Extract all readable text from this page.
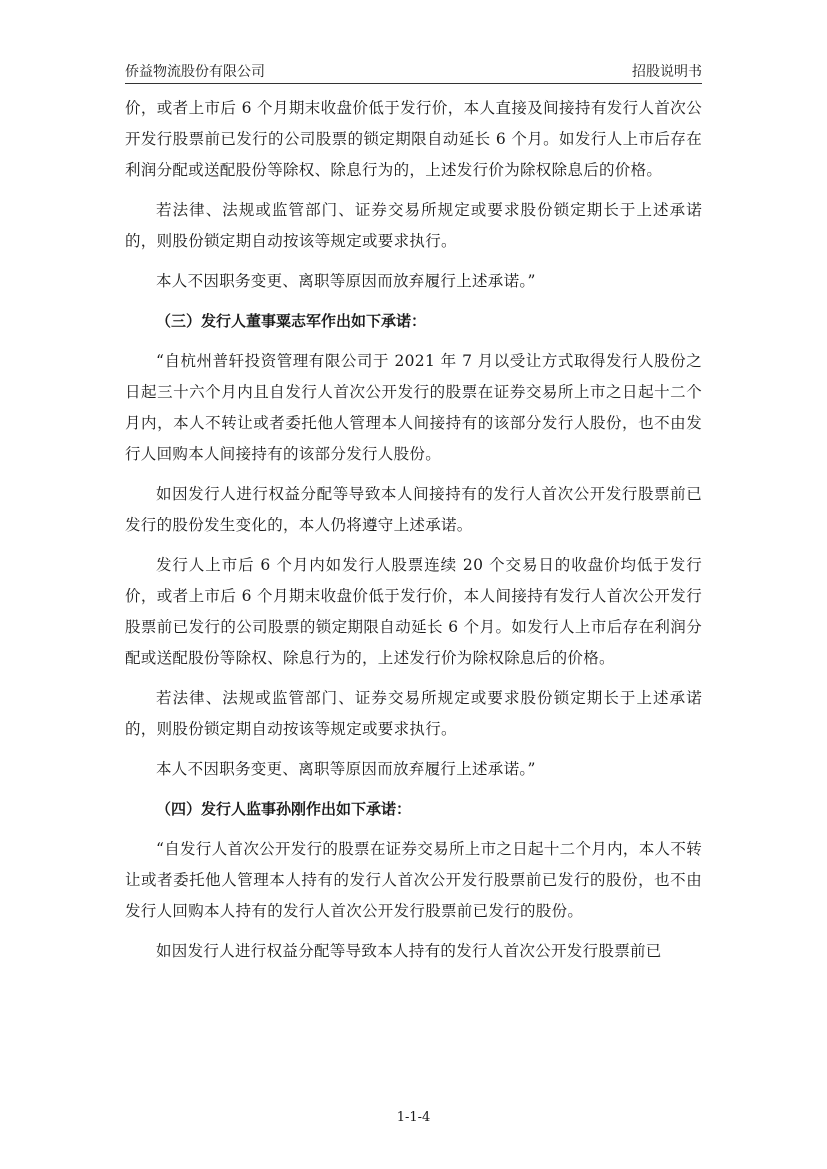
侨益物流股份有限公司	招股说明书

价，或者上市后 6 个月期末收盘价低于发行价，本人直接及间接持有发行人首次公开发行股票前已发行的公司股票的锁定期限自动延长 6 个月。如发行人上市后存在利润分配或送配股份等除权、除息行为的，上述发行价为除权除息后的价格。

若法律、法规或监管部门、证券交易所规定或要求股份锁定期长于上述承诺的，则股份锁定期自动按该等规定或要求执行。

本人不因职务变更、离职等原因而放弃履行上述承诺。”

（三）发行人董事粟志军作出如下承诺：

“自杭州普轩投资管理有限公司于 2021 年 7 月以受让方式取得发行人股份之日起三十六个月内且自发行人首次公开发行的股票在证券交易所上市之日起十二个月内，本人不转让或者委托他人管理本人间接持有的该部分发行人股份，也不由发行人回购本人间接持有的该部分发行人股份。

如因发行人进行权益分配等导致本人间接持有的发行人首次公开发行股票前已发行的股份发生变化的，本人仍将遵守上述承诺。

发行人上市后 6 个月内如发行人股票连续 20 个交易日的收盘价均低于发行价，或者上市后 6 个月期末收盘价低于发行价，本人间接持有发行人首次公开发行股票前已发行的公司股票的锁定期限自动延长 6 个月。如发行人上市后存在利润分配或送配股份等除权、除息行为的，上述发行价为除权除息后的价格。

若法律、法规或监管部门、证券交易所规定或要求股份锁定期长于上述承诺的，则股份锁定期自动按该等规定或要求执行。

本人不因职务变更、离职等原因而放弃履行上述承诺。”

（四）发行人监事孙刚作出如下承诺：

“自发行人首次公开发行的股票在证券交易所上市之日起十二个月内，本人不转让或者委托他人管理本人持有的发行人首次公开发行股票前已发行的股份，也不由发行人回购本人持有的发行人首次公开发行股票前已发行的股份。

如因发行人进行权益分配等导致本人持有的发行人首次公开发行股票前已

1-1-4
